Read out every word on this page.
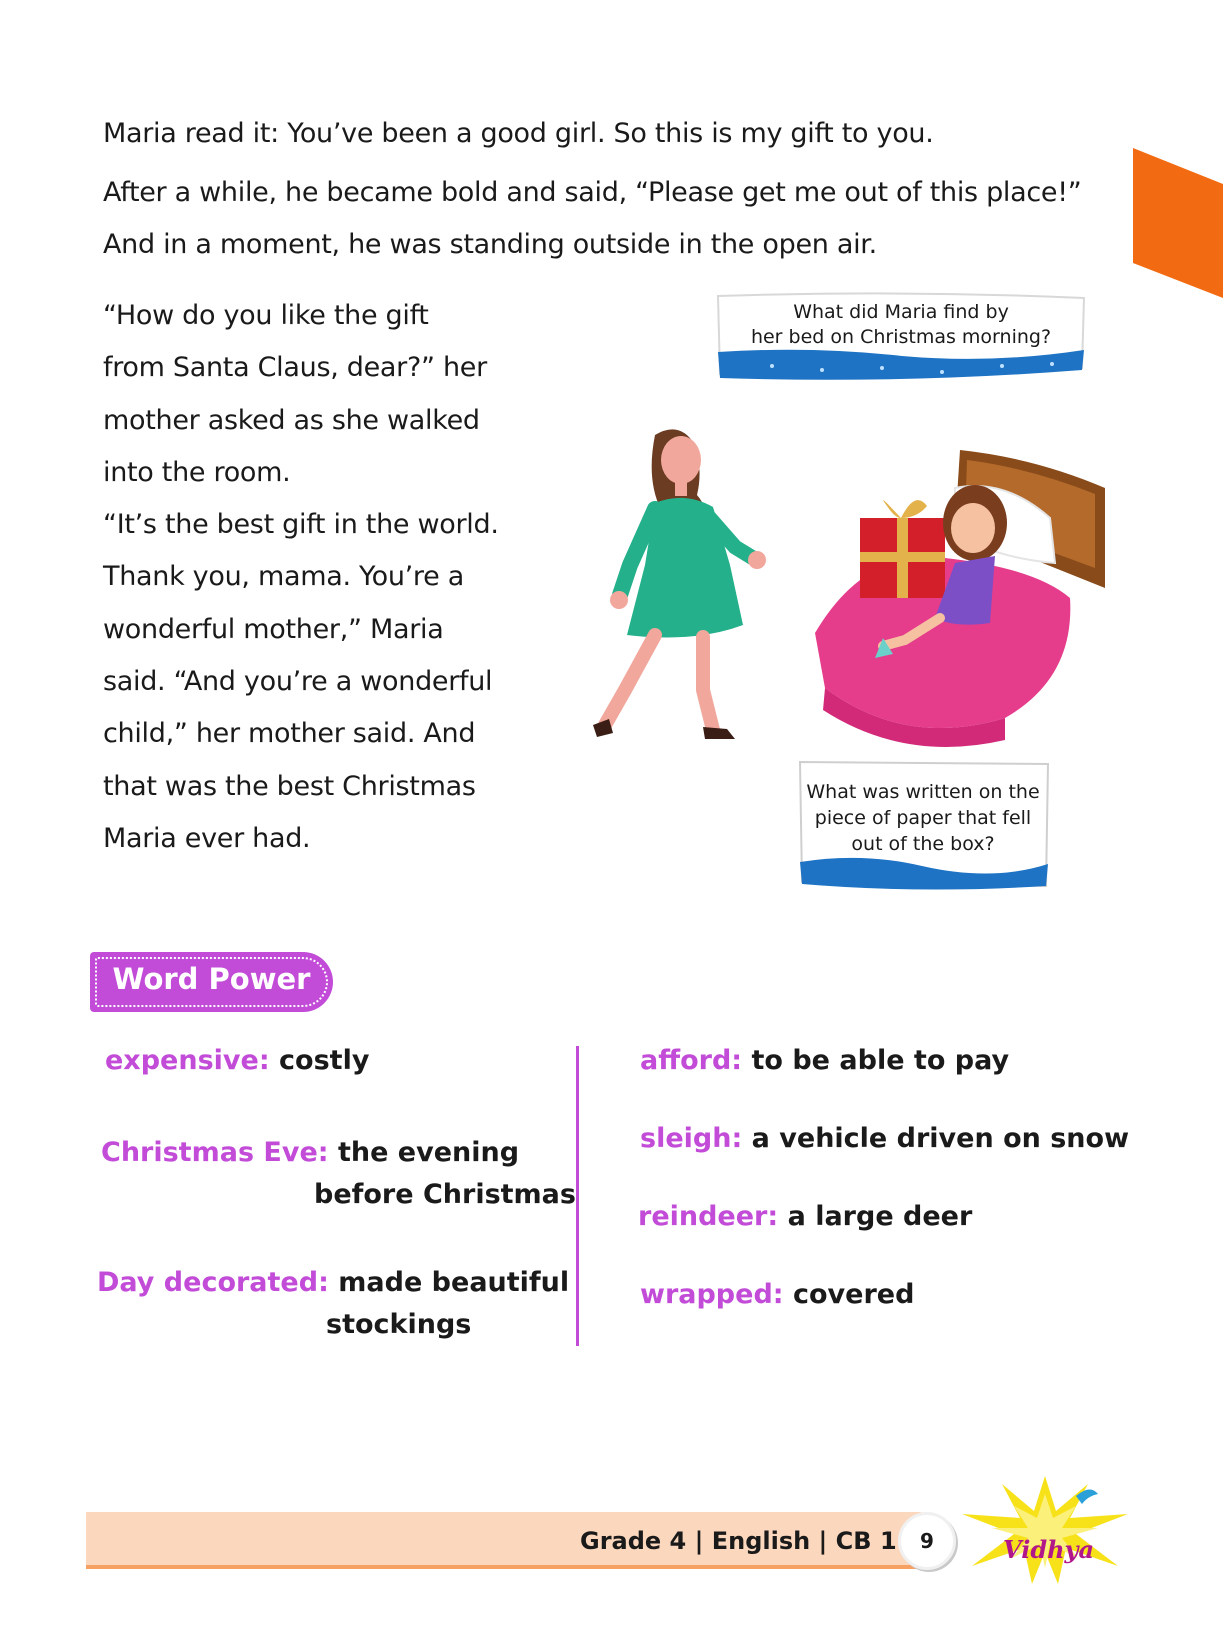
Maria read it: You’ve been a good girl. So this is my gift to you.
After a while, he became bold and said, “Please get me out of this place!”
And in a moment, he was standing outside in the open air.
“How do you like the gift
from Santa Claus, dear?” her
mother asked as she walked
into the room.
“It’s the best gift in the world.
Thank you, mama. You’re a
wonderful mother,” Maria
said. “And you’re a wonderful
child,” her mother said. And
that was the best Christmas
Maria ever had.
What did Maria find by
her bed on Christmas morning?
What was written on the
piece of paper that fell
out of the box?
Word Power
expensive: costly
Christmas Eve: the evening
before Christmas
Day decorated: made beautiful
stockings
afford: to be able to pay
sleigh: a vehicle driven on snow
reindeer: a large deer
wrapped: covered
Grade 4 | English | CB 1	9	Vidhya
